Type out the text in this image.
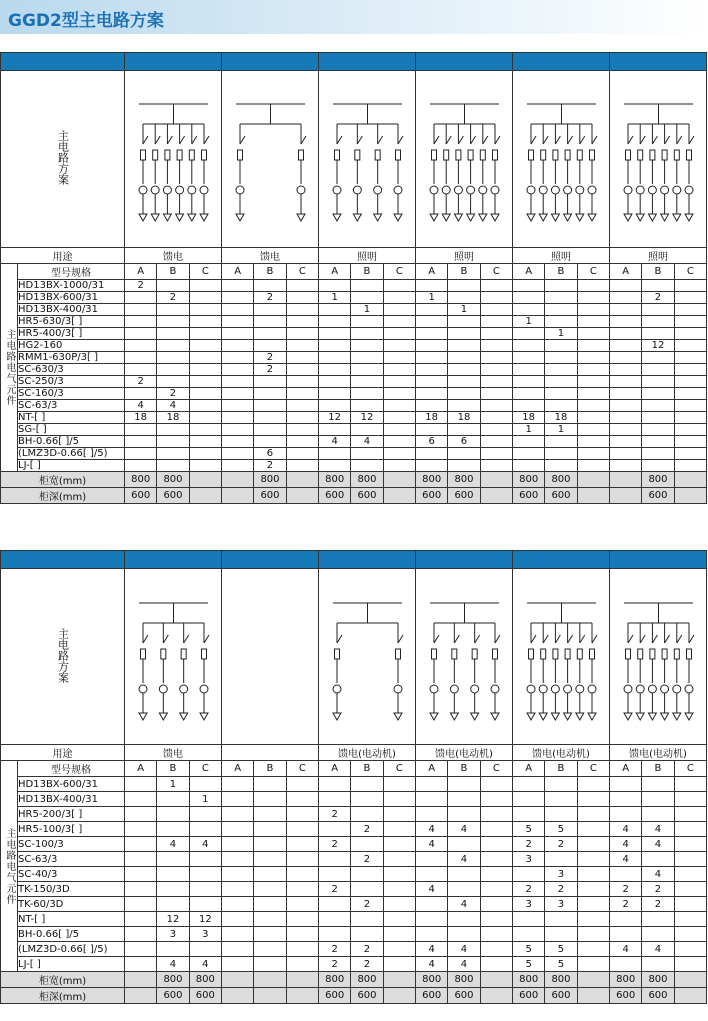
GGD2型主电路方案

主电路方案	

用途		馈电			馈电			照明			照明			照明			照明		
主电路电气元件	型号规格	A	B	C	A	B	C	A	B	C	A	B	C	A	B	C	A	B	C
	HD13BX-1000/31	2																	
	HD13BX-600/31		2			2		1			1							2	
	HD13BX-400/31								1			1							
	HR5-630/3[ ]													1					
	HR5-400/3[ ]														1				
	HG2-160																	12	
	RMM1-630P/3[ ]					2													
	SC-630/3					2													
	SC-250/3	2																	
	SC-160/3		2																
	SC-63/3	4	4																
	NT-[ ]	18	18					12	12		18	18		18	18				
	SG-[ ]													1	1				
	BH-0.66[ ]/5							4	4		6	6							
	(LMZ3D-0.66[ ]/5)					6													
	LJ-[ ]					2													
柜宽(mm)		800	800			800		800	800		800	800		800	800			800	
柜深(mm)		600	600			600		600	600		600	600		600	600			600	

主电路方案	

用途		馈电						馈电(电动机)			馈电(电动机)			馈电(电动机)			馈电(电动机)		
主电路电气元件	型号规格	A	B	C	A	B	C	A	B	C	A	B	C	A	B	C	A	B	C
	HD13BX-600/31		1																
	HD13BX-400/31			1															
	HR5-200/3[ ]							2											
	HR5-100/3[ ]								2		4	4		5	5		4	4	
	SC-100/3		4	4				2			4			2	2		4	4	
	SC-63/3								2			4		3			4		
	SC-40/3														3			4	
	TK-150/3D							2			4			2	2		2	2	
	TK-60/3D								2			4		3	3		2	2	
	NT-[ ]		12	12															
	BH-0.66[ ]/5		3	3															
	(LMZ3D-0.66[ ]/5)							2	2		4	4		5	5		4	4	
	LJ-[ ]		4	4				2	2		4	4		5	5				
柜宽(mm)			800	800				800	800		800	800		800	800		800	800	
柜深(mm)			600	600				600	600		600	600		600	600		600	600	
